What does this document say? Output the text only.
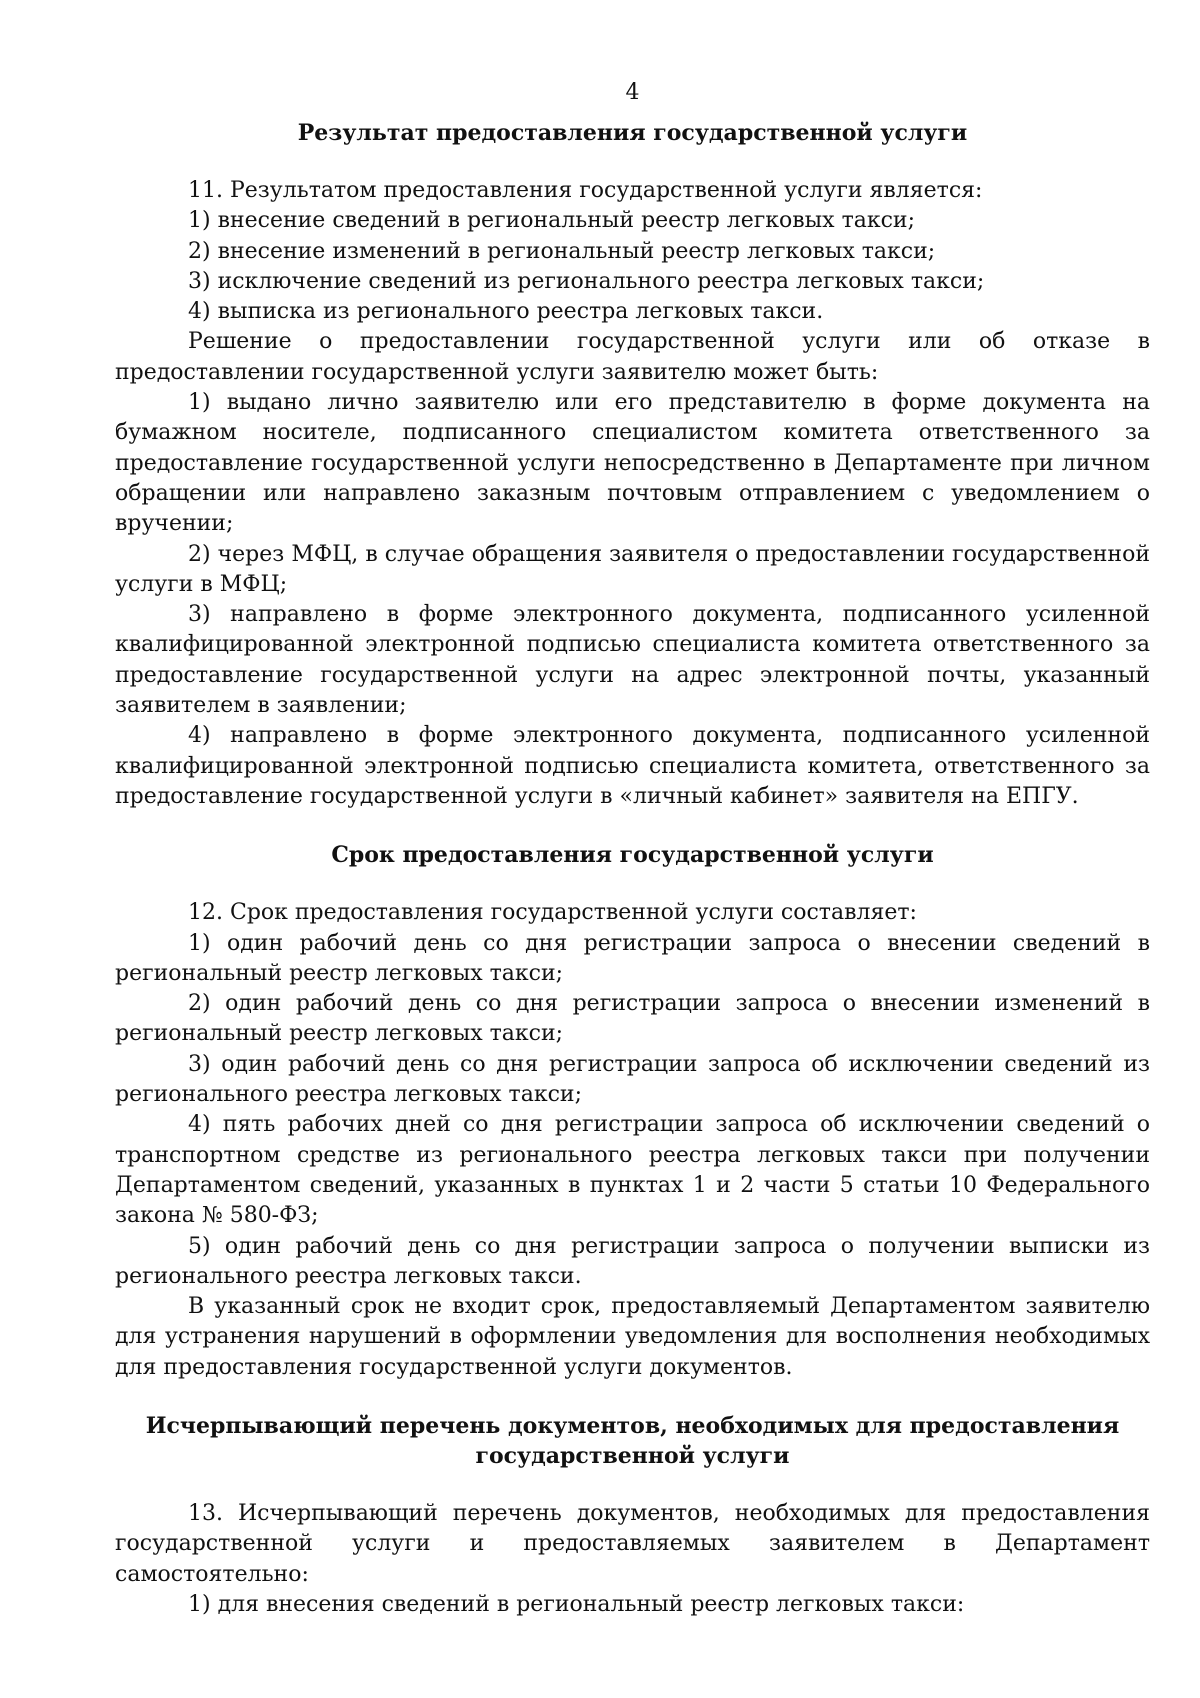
4
Результат предоставления государственной услуги

11. Результатом предоставления государственной услуги является:

1) внесение сведений в региональный реестр легковых такси;

2) внесение изменений в региональный реестр легковых такси;

3) исключение сведений из регионального реестра легковых такси;

4) выписка из регионального реестра легковых такси.

Решение о предоставлении государственной услуги или об отказе в предоставлении государственной услуги заявителю может быть:

1) выдано лично заявителю или его представителю в форме документа на бумажном носителе, подписанного специалистом комитета ответственного за предоставление государственной услуги непосредственно в Департаменте при личном обращении или направлено заказным почтовым отправлением с уведомлением о вручении;

2) через МФЦ, в случае обращения заявителя о предоставлении государственной услуги в МФЦ;

3) направлено в форме электронного документа, подписанного усиленной квалифицированной электронной подписью специалиста комитета ответственного за предоставление государственной услуги на адрес электронной почты, указанный заявителем в заявлении;

4) направлено в форме электронного документа, подписанного усиленной квалифицированной электронной подписью специалиста комитета, ответственного за предоставление государственной услуги в «личный кабинет» заявителя на ЕПГУ.

Срок предоставления государственной услуги

12. Срок предоставления государственной услуги составляет:

1) один рабочий день со дня регистрации запроса о внесении сведений в региональный реестр легковых такси;

2) один рабочий день со дня регистрации запроса о внесении изменений в региональный реестр легковых такси;

3) один рабочий день со дня регистрации запроса об исключении сведений из регионального реестра легковых такси;

4) пять рабочих дней со дня регистрации запроса об исключении сведений о транспортном средстве из регионального реестра легковых такси при получении Департаментом сведений, указанных в пунктах 1 и 2 части 5 статьи 10 Федерального закона № 580-ФЗ;

5) один рабочий день со дня регистрации запроса о получении выписки из регионального реестра легковых такси.

В указанный срок не входит срок, предоставляемый Департаментом заявителю для устранения нарушений в оформлении уведомления для восполнения необходимых для предоставления государственной услуги документов.

Исчерпывающий перечень документов, необходимых для предоставления
государственной услуги

13. Исчерпывающий перечень документов, необходимых для предоставления государственной услуги и предоставляемых заявителем в Департамент самостоятельно:

1) для внесения сведений в региональный реестр легковых такси:
